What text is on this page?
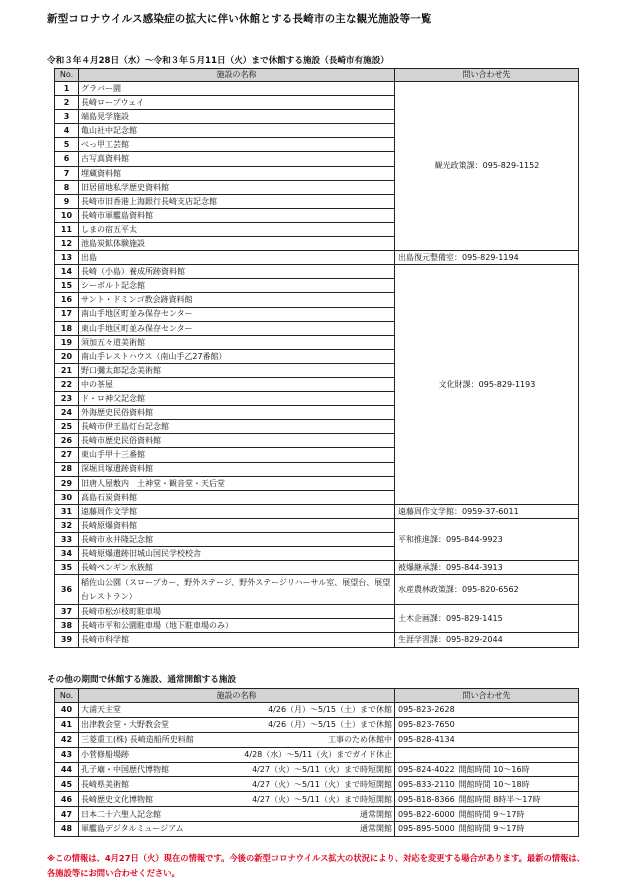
新型コロナウイルス感染症の拡大に伴い休館とする長崎市の主な観光施設等一覧
令和３年４月28日（水）～令和３年５月11日（火）まで休館する施設（長崎市有施設）
No.	施設の名称	問い合わせ先
1	グラバー園	観光政策課：095-829-1152
2	長崎ロープウェイ	
3	端島見学施設	
4	亀山社中記念館	
5	べっ甲工芸館	
6	古写真資料館	
7	埋蔵資料館	
8	旧居留地私学歴史資料館	
9	長崎市旧香港上海銀行長崎支店記念館	
10	長崎市軍艦島資料館	
11	しまの宿五平太	
12	池島炭鉱体験施設	
13	出島	出島復元整備室：095-829-1194
14	長崎（小島）養成所跡資料館	文化財課：095-829-1193
15	シーボルト記念館	
16	サント・ドミンゴ教会跡資料館	
17	南山手地区町並み保存センター	
18	東山手地区町並み保存センター	
19	須加五々道美術館	
20	南山手レストハウス（南山手乙27番館）	
21	野口彌太郎記念美術館	
22	中の茶屋	
23	ド・ロ神父記念館	
24	外海歴史民俗資料館	
25	長崎市伊王島灯台記念館	
26	長崎市歴史民俗資料館	
27	東山手甲十三番館	
28	深堀貝塚遺跡資料館	
29	旧唐人屋敷内　土神堂・観音堂・天后堂	
30	高島石炭資料館	
31	遠藤周作文学館	遠藤周作文学館：0959-37-6011
32	長崎原爆資料館	平和推進課：095-844-9923
33	長崎市永井隆記念館	
34	長崎原爆遺跡旧城山国民学校校舎	
35	長崎ペンギン水族館	被爆継承課：095-844-3913
36	稲佐山公園（スロープカー、野外ステージ、野外ステージリハーサル室、展望台、展望台レストラン）	水産農林政策課：095-820-6562
37	長崎市松が枝町駐車場	土木企画課：095-829-1415
38	長崎市平和公園駐車場（地下駐車場のみ）	
39	長崎市科学館	生涯学習課：095-829-2044
その他の期間で休館する施設、通常開館する施設
No.	施設の名称	問い合わせ先
40	大浦天主堂 4/26（月）～5/15（土）まで休館	095-823-2628
41	出津教会堂・大野教会堂 4/26（月）～5/15（土）まで休館	095-823-7650
42	三菱重工(株) 長崎造船所史料館 工事のため休館中	095-828-4134
43	小菅修船場跡 4/28（水）～5/11（火）までガイド休止	

44	孔子廟・中国歴代博物館 4/27（火）～5/11（火）まで時短開館	095-824-4022 開館時間 10～16時
45	長崎県美術館 4/27（火）～5/11（火）まで時短開館	095-833-2110 開館時間 10～18時
46	長崎歴史文化博物館 4/27（火）～5/11（火）まで時短開館	095-818-8366 開館時間 8時半～17時
47	日本二十六聖人記念館 通常開館	095-822-6000 開館時間 9～17時
48	軍艦島デジタルミュージアム 通常開館	095-895-5000 開館時間 9～17時
※この情報は、4月27日（火）現在の情報です。今後の新型コロナウイルス拡大の状況により、対応を変更する場合があります。最新の情報は、各施設等にお問い合わせください。
